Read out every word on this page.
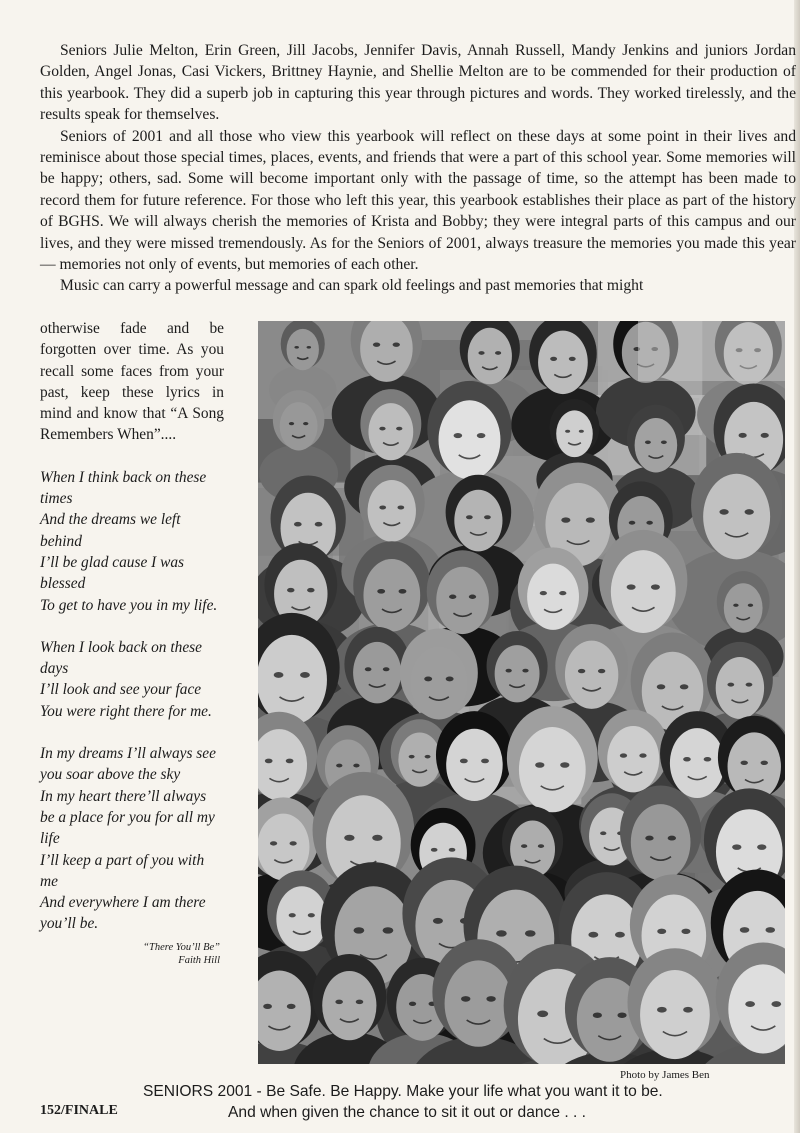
Seniors Julie Melton, Erin Green, Jill Jacobs, Jennifer Davis, Annah Russell, Mandy Jenkins and juniors Jordan Golden, Angel Jonas, Casi Vickers, Brittney Haynie, and Shellie Melton are to be commended for their production of this yearbook. They did a superb job in capturing this year through pictures and words. They worked tirelessly, and the results speak for themselves.

Seniors of 2001 and all those who view this yearbook will reflect on these days at some point in their lives and reminisce about those special times, places, events, and friends that were a part of this school year. Some memories will be happy; others, sad. Some will become important only with the passage of time, so the attempt has been made to record them for future reference. For those who left this year, this yearbook establishes their place as part of the history of BGHS. We will always cherish the memories of Krista and Bobby; they were integral parts of this campus and our lives, and they were missed tremendously. As for the Seniors of 2001, always treasure the memories you made this year — memories not only of events, but memories of each other.

Music can carry a powerful message and can spark old feelings and past memories that might

otherwise fade and be forgotten over time. As you recall some faces from your past, keep these lyrics in mind and know that “A Song Remembers When”....

When I think back on these times
And the dreams we left behind
I’ll be glad cause I was blessed
To get to have you in my life.
When I look back on these days
I’ll look and see your face
You were right there for me.
In my dreams I’ll always see you soar above the sky
In my heart there’ll always be a place for you for all my life
I’ll keep a part of you with me
And everywhere I am there you’ll be.
“There You’ll Be”
Faith Hill
Photo by James Ben
SENIORS 2001 - Be Safe. Be Happy. Make your life what you want it to be.
And when given the chance to sit it out or dance . . .
152/FINALE
